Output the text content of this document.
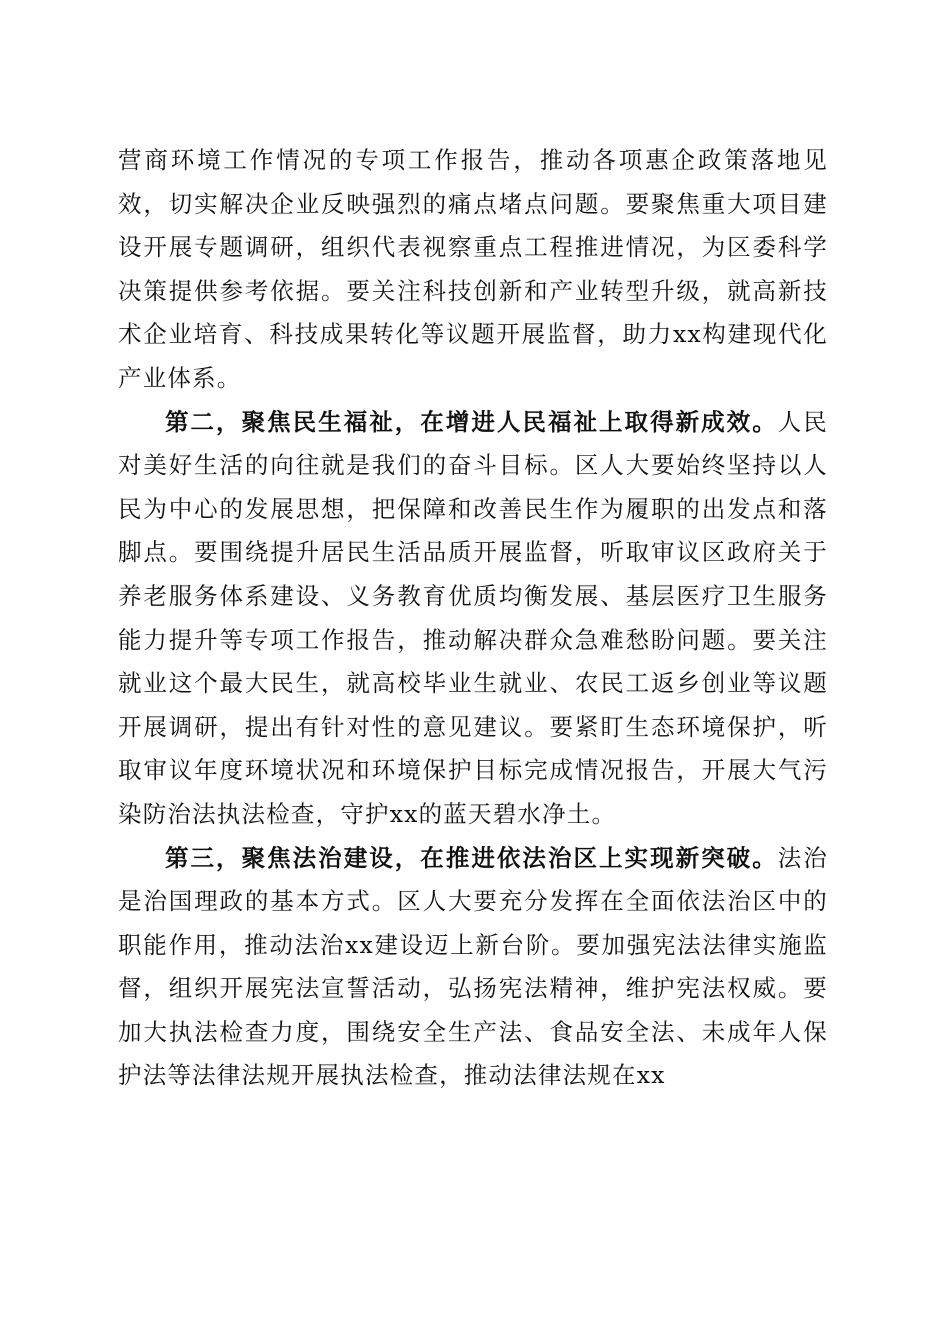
营商环境工作情况的专项工作报告，推动各项惠企政策落地见效，切实解决企业反映强烈的痛点堵点问题。要聚焦重大项目建设开展专题调研，组织代表视察重点工程推进情况，为区委科学决策提供参考依据。要关注科技创新和产业转型升级，就高新技术企业培育、科技成果转化等议题开展监督，助力xx构建现代化产业体系。

第二，聚焦民生福祉，在增进人民福祉上取得新成效。人民对美好生活的向往就是我们的奋斗目标。区人大要始终坚持以人民为中心的发展思想，把保障和改善民生作为履职的出发点和落脚点。要围绕提升居民生活品质开展监督，听取审议区政府关于养老服务体系建设、义务教育优质均衡发展、基层医疗卫生服务能力提升等专项工作报告，推动解决群众急难愁盼问题。要关注就业这个最大民生，就高校毕业生就业、农民工返乡创业等议题开展调研，提出有针对性的意见建议。要紧盯生态环境保护，听取审议年度环境状况和环境保护目标完成情况报告，开展大气污染防治法执法检查，守护xx的蓝天碧水净土。

第三，聚焦法治建设，在推进依法治区上实现新突破。法治是治国理政的基本方式。区人大要充分发挥在全面依法治区中的职能作用，推动法治xx建设迈上新台阶。要加强宪法法律实施监督，组织开展宪法宣誓活动，弘扬宪法精神，维护宪法权威。要加大执法检查力度，围绕安全生产法、食品安全法、未成年人保护法等法律法规开展执法检查，推动法律法规在xx
